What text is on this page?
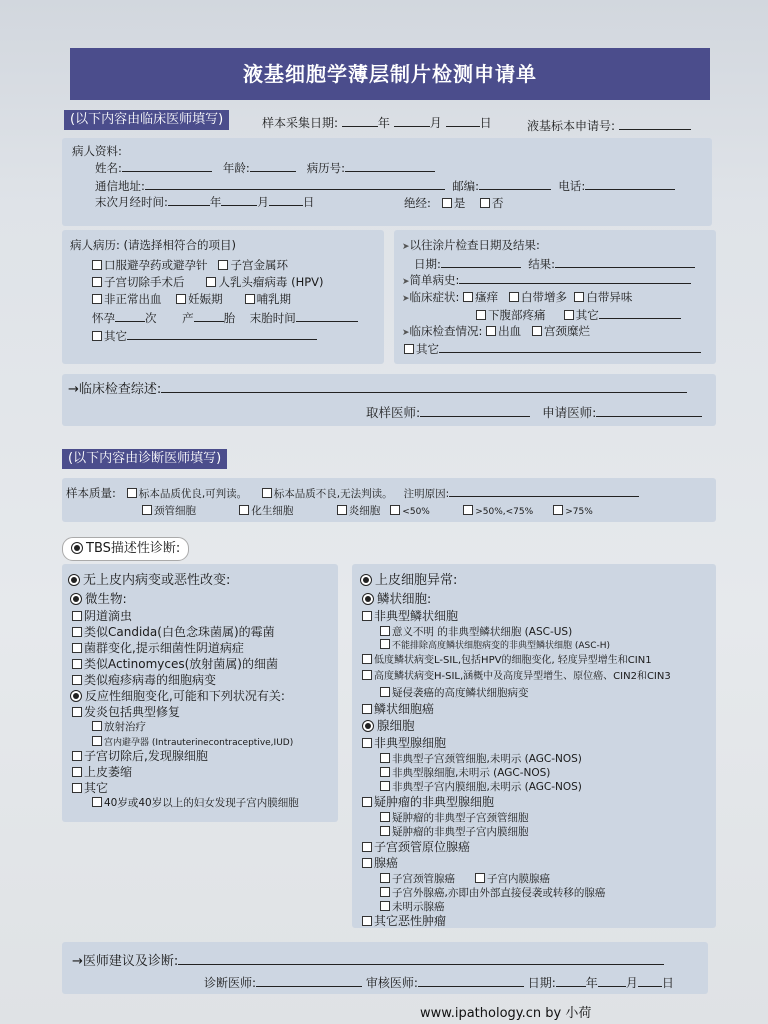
液基细胞学薄层制片检测申请单
(以下内容由临床医师填写)	样本采集日期:	年	月	日	液基标本申请号:
病人资料:
姓名:	年龄:	病历号:
通信地址:	邮编:	电话:
末次月经时间:	年	月	日	绝经: 是 否
病人病历: (请选择相符合的项目)
口服避孕药或避孕针 子宫金属环
子宫切除手术后	人乳头瘤病毒 (HPV)
非正常出血 妊娠期	哺乳期
怀孕	次 产	胎 末胎时间
其它
➤以往涂片检查日期及结果:
日期:	结果:
➤简单病史:
➤临床症状: 瘙痒 白带增多 白带异味
下腹部疼痛	其它
➤临床检查情况: 出血 宫颈糜烂
其它
→临床检查综述:
取样医师:	申请医师:
(以下内容由诊断医师填写)
样本质量: 标本品质优良,可判读。	标本品质不良,无法判读。 注明原因:
颈管细胞	化生细胞	炎细胞 <50%	>50%,<75%	>75%
TBS描述性诊断:
无上皮内病变或恶性改变:
微生物:
阴道滴虫
类似Candida(白色念珠菌属)的霉菌
菌群变化,提示细菌性阴道病症
类似Actinomyces(放射菌属)的细菌
类似疱疹病毒的细胞病变
反应性细胞变化,可能和下列状况有关:
发炎包括典型修复
放射治疗
宫内避孕器 (Intrauterinecontraceptive,IUD)
子宫切除后,发现腺细胞
上皮萎缩
其它
40岁或40岁以上的妇女发现子宫内膜细胞
上皮细胞异常:
鳞状细胞:
非典型鳞状细胞
意义不明 的非典型鳞状细胞 (ASC-US)
不能排除高度鳞状细胞病变的非典型鳞状细胞 (ASC-H)
低度鳞状病变L-SIL,包括HPV的细胞变化, 轻度异型增生和CIN1
高度鳞状病变H-SIL,涵概中及高度异型增生、原位癌、CIN2和CIN3
疑侵袭癌的高度鳞状细胞病变
鳞状细胞癌
腺细胞
非典型腺细胞
非典型子宫颈管细胞,未明示 (AGC-NOS)
非典型腺细胞,未明示 (AGC-NOS)
非典型子宫内膜细胞,未明示 (AGC-NOS)
疑肿瘤的非典型腺细胞
疑肿瘤的非典型子宫颈管细胞
疑肿瘤的非典型子宫内膜细胞
子宫颈管原位腺癌
腺癌
子宫颈管腺癌	子宫内膜腺癌
子宫外腺癌,亦即由外部直接侵袭或转移的腺癌
未明示腺癌
其它恶性肿瘤
→医师建议及诊断:
诊断医师:	审核医师:	日期:	年 月 日
www.ipathology.cn by 小荷
